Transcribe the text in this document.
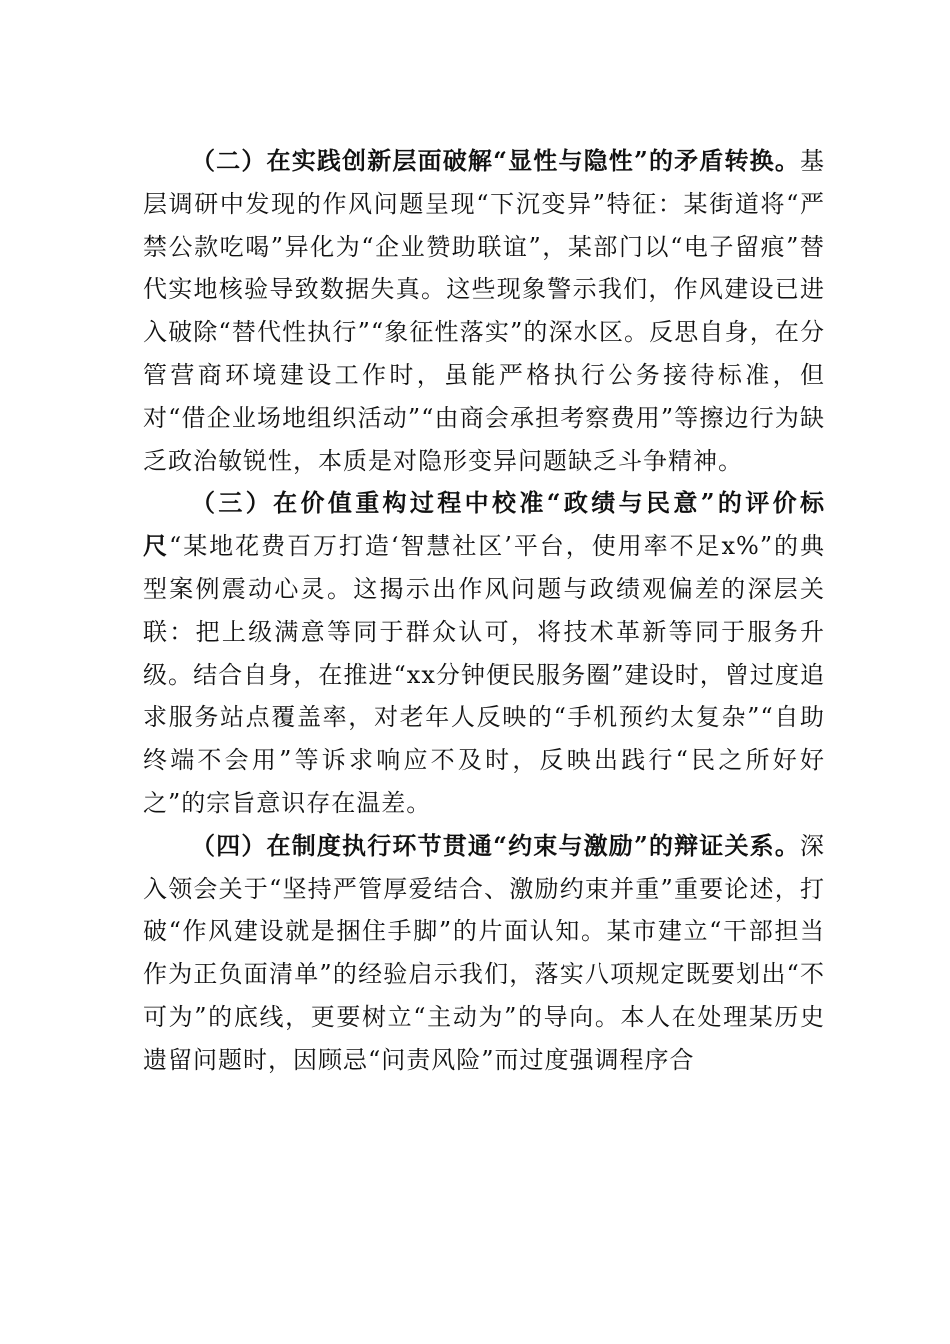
（二）在实践创新层面破解“显性与隐性”的矛盾转换。基层调研中发现的作风问题呈现“下沉变异”特征：某街道将“严禁公款吃喝”异化为“企业赞助联谊”，某部门以“电子留痕”替代实地核验导致数据失真。这些现象警示我们，作风建设已进入破除“替代性执行”“象征性落实”的深水区。反思自身，在分管营商环境建设工作时，虽能严格执行公务接待标准，但对“借企业场地组织活动”“由商会承担考察费用”等擦边行为缺乏政治敏锐性，本质是对隐形变异问题缺乏斗争精神。

（三）在价值重构过程中校准“政绩与民意”的评价标尺“某地花费百万打造‘智慧社区’平台，使用率不足x%”的典型案例震动心灵。这揭示出作风问题与政绩观偏差的深层关联：把上级满意等同于群众认可，将技术革新等同于服务升级。结合自身，在推进“xx分钟便民服务圈”建设时，曾过度追求服务站点覆盖率，对老年人反映的“手机预约太复杂”“自助终端不会用”等诉求响应不及时，反映出践行“民之所好好之”的宗旨意识存在温差。

（四）在制度执行环节贯通“约束与激励”的辩证关系。深入领会关于“坚持严管厚爱结合、激励约束并重”重要论述，打破“作风建设就是捆住手脚”的片面认知。某市建立“干部担当作为正负面清单”的经验启示我们，落实八项规定既要划出“不可为”的底线，更要树立“主动为”的导向。本人在处理某历史遗留问题时，因顾忌“问责风险”而过度强调程序合
